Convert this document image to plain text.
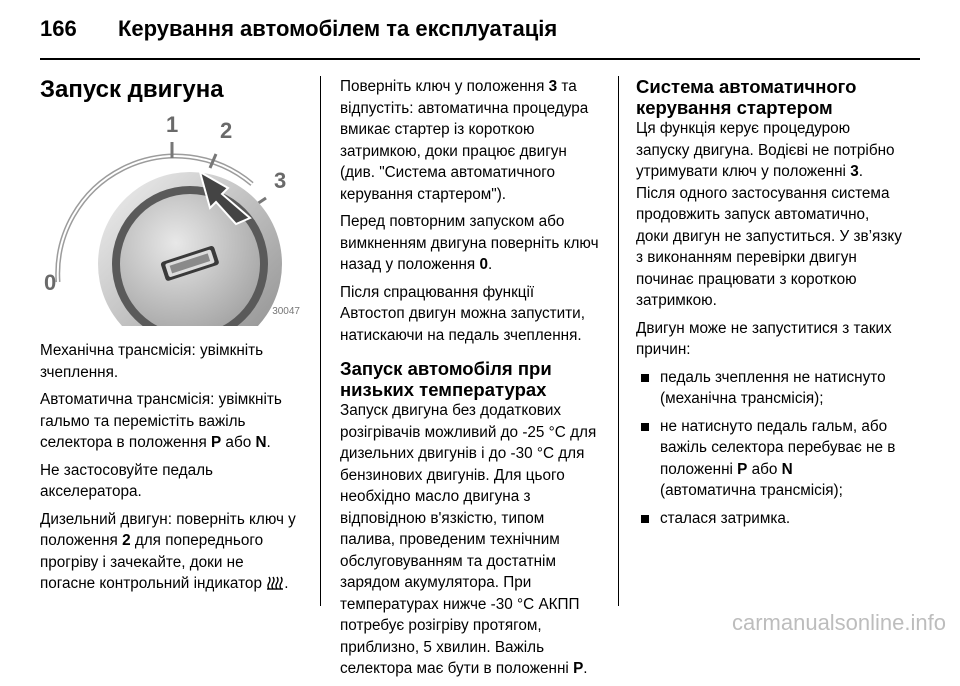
166 Керування автомобілем та експлуатація
Запуск двигуна
0
1 2
3
30047

Механічна трансмісія: увімкніть зчеплення.

Автоматична трансмісія: увімкніть гальмо та перемістіть важіль селектора в положення P або N.

Не застосовуйте педаль акселератора.

Дизельний двигун: поверніть ключ у положення 2 для попереднього прогріву і зачекайте, доки не погасне контрольний індикатор .

Поверніть ключ у положення 3 та відпустіть: автоматична процедура вмикає стартер із короткою затримкою, доки працює двигун (див. "Система автоматичного керування стартером").

Перед повторним запуском або вимкненням двигуна поверніть ключ назад у положення 0.

Після спрацювання функції Автостоп двигун можна запустити, натискаючи на педаль зчеплення.

Запуск автомобіля при низьких температурах

Запуск двигуна без додаткових розігрівачів можливий до -25 °С для дизельних двигунів і до -30 °С для бензинових двигунів. Для цього необхідно масло двигуна з відповідною в'язкістю, типом палива, проведеним технічним обслуговуванням та достатнім зарядом акумулятора. При температурах нижче -30 °С АКПП потребує розігріву протягом, приблизно, 5 хвилин. Важіль селектора має бути в положенні P.

Система автоматичного керування стартером

Ця функція керує процедурою запуску двигуна. Водієві не потрібно утримувати ключ у положенні 3. Після одного застосування система продовжить запуск автоматично, доки двигун не запуститься. У зв’язку з виконанням перевірки двигун починає працювати з короткою затримкою.

Двигун може не запуститися з таких причин:

педаль зчеплення не натиснуто (механічна трансмісія);
не натиснуто педаль гальм, або важіль селектора перебуває не в положенні P або N
(автоматична трансмісія);
сталася затримка.
carmanualsonline.info
